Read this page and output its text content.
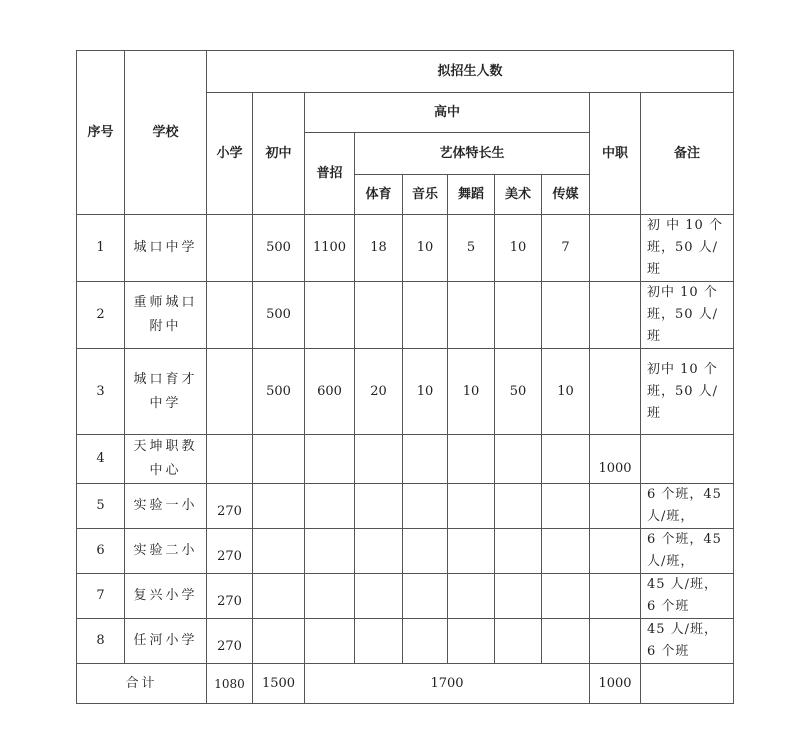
序号	学校	拟招生人数									
		小学	初中	高中						中职	备注
				普招	艺体特长生						
					体育	音乐	舞蹈	美术	传媒		
1	城口中学		500	1100	18	10	5	10	7		初 中 10 个班，50 人/班
2	重师城口附中		500								初中 10 个班，50 人/班
3	城口育才中学		500	600	20	10	10	50	10		初中 10 个班，50 人/班
4	天坤职教中心									1000	
5	实验一小	270									6 个班，45 人/班，
6	实验二小	270									6 个班，45 人/班，
7	复兴小学	270									45 人/班，6 个班
8	任河小学	270									45 人/班，6 个班
合计		1080	1500	1700						1000	
